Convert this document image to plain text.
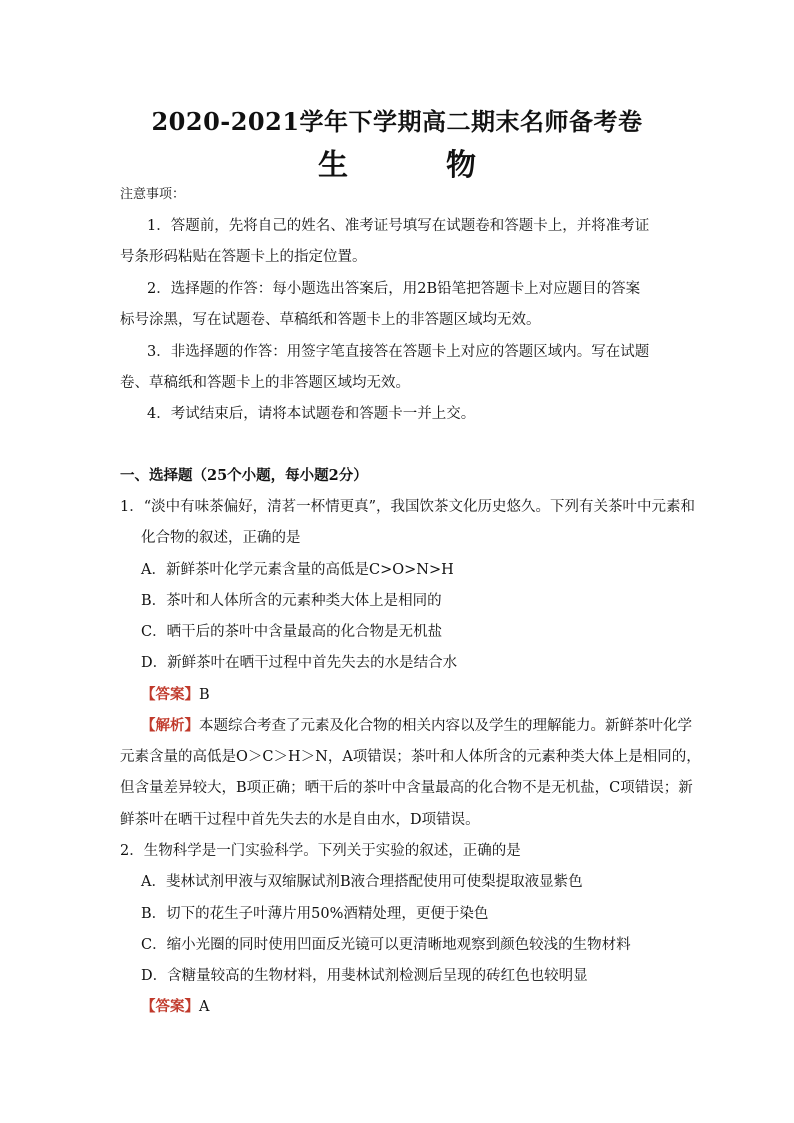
2020-2021学年下学期高二期末名师备考卷
生　物
注意事项：
1．答题前，先将自己的姓名、准考证号填写在试题卷和答题卡上，并将准考证
号条形码粘贴在答题卡上的指定位置。
2．选择题的作答：每小题选出答案后，用2B铅笔把答题卡上对应题目的答案
标号涂黑，写在试题卷、草稿纸和答题卡上的非答题区域均无效。
3．非选择题的作答：用签字笔直接答在答题卡上对应的答题区域内。写在试题
卷、草稿纸和答题卡上的非答题区域均无效。
4．考试结束后，请将本试题卷和答题卡一并上交。
一、选择题（25个小题，每小题2分）
1．“淡中有味茶偏好，清茗一杯情更真”，我国饮茶文化历史悠久。下列有关茶叶中元素和
化合物的叙述，正确的是
A．新鲜茶叶化学元素含量的高低是C>O>N>H
B．茶叶和人体所含的元素种类大体上是相同的
C．晒干后的茶叶中含量最高的化合物是无机盐
D．新鲜茶叶在晒干过程中首先失去的水是结合水
【答案】B
【解析】本题综合考查了元素及化合物的相关内容以及学生的理解能力。新鲜茶叶化学
元素含量的高低是O＞C＞H＞N，A项错误；茶叶和人体所含的元素种类大体上是相同的，
但含量差异较大，B项正确；晒干后的茶叶中含量最高的化合物不是无机盐，C项错误；新
鲜茶叶在晒干过程中首先失去的水是自由水，D项错误。
2．生物科学是一门实验科学。下列关于实验的叙述，正确的是
A．斐林试剂甲液与双缩脲试剂B液合理搭配使用可使梨提取液显紫色
B．切下的花生子叶薄片用50%酒精处理，更便于染色
C．缩小光圈的同时使用凹面反光镜可以更清晰地观察到颜色较浅的生物材料
D．含糖量较高的生物材料，用斐林试剂检测后呈现的砖红色也较明显
【答案】A
